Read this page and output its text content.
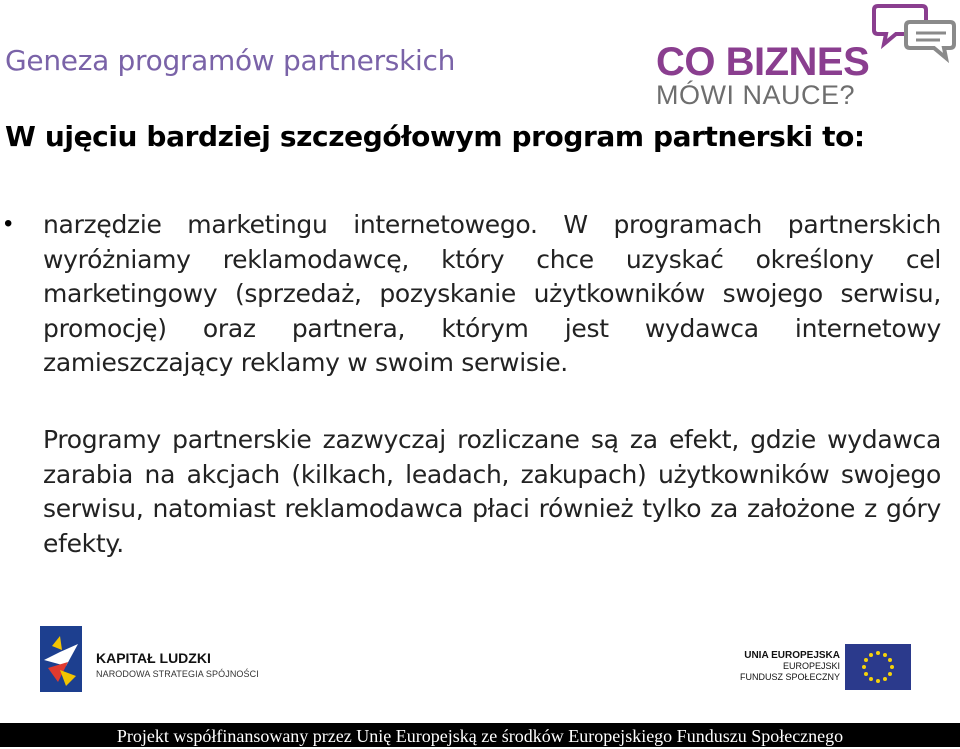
Geneza programów partnerskich	CO BIZNES
MÓWI NAUCE?
W ujęciu bardziej szczegółowym program partnerski to:
• narzędzie marketingu internetowego. W programach partnerskich wyróżniamy reklamodawcę, który chce uzyskać określony cel marketingowy (sprzedaż, pozyskanie użytkowników swojego serwisu, promocję) oraz partnera, którym jest wydawca internetowy zamieszczający reklamy w swoim serwisie.

Programy partnerskie zazwyczaj rozliczane są za efekt, gdzie wydawca zarabia na akcjach (kilkach, leadach, zakupach) użytkowników swojego serwisu, natomiast reklamodawca płaci również tylko za założone z góry efekty.

KAPITAŁ LUDZKI
NARODOWA STRATEGIA SPÓJNOŚCI
UNIA EUROPEJSKA
EUROPEJSKI
FUNDUSZ SPOŁECZNY
Projekt współfinansowany przez Unię Europejską ze środków Europejskiego Funduszu Społecznego
